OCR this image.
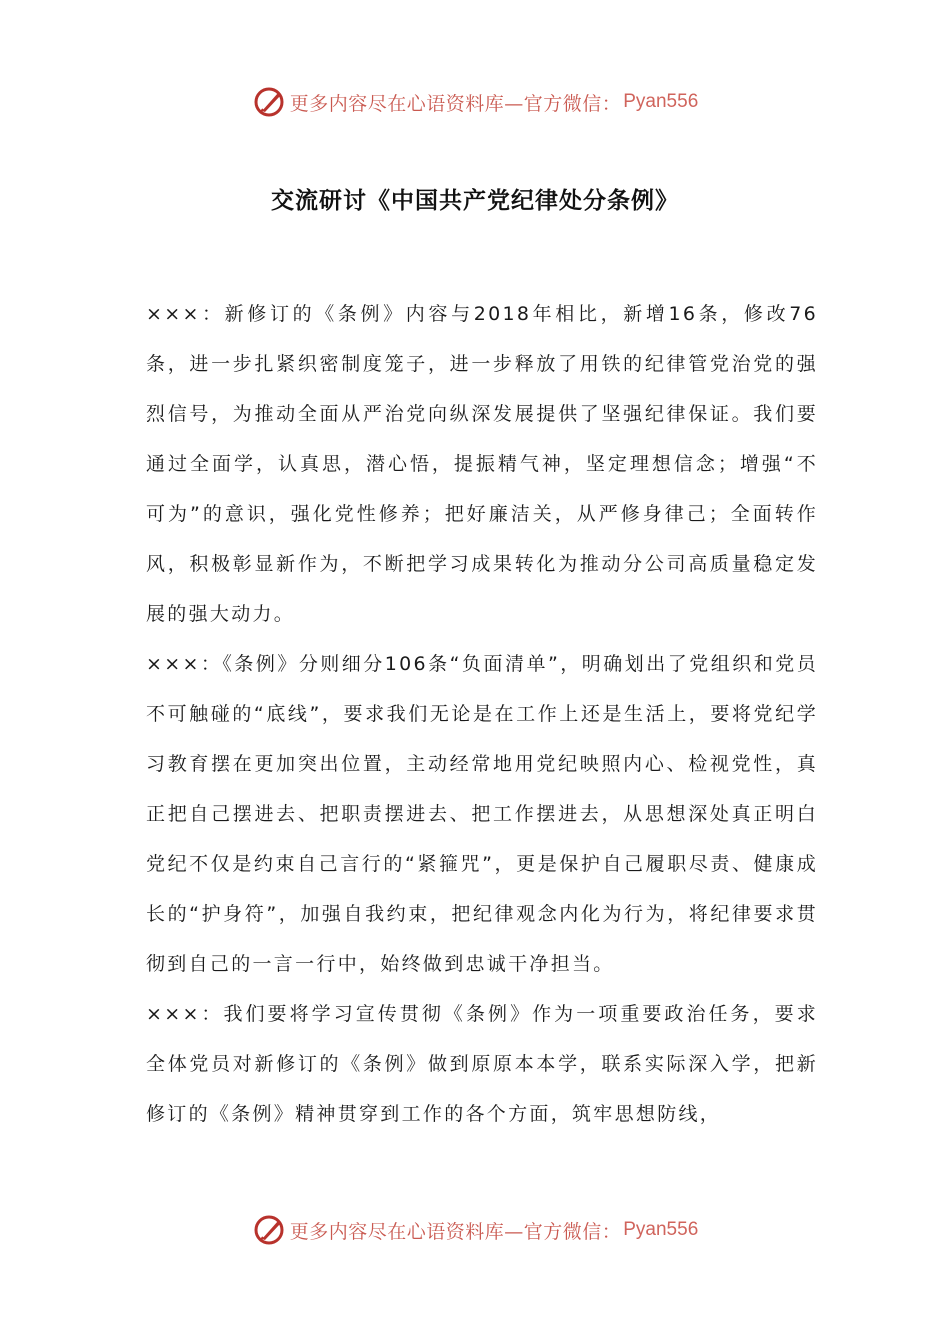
更多内容尽在心语资料库—官方微信： Pyan556
交流研讨《中国共产党纪律处分条例》

×××：新修订的《条例》内容与2018年相比，新增16条，修改76条，进一步扎紧织密制度笼子，进一步释放了用铁的纪律管党治党的强烈信号，为推动全面从严治党向纵深发展提供了坚强纪律保证。我们要通过全面学，认真思，潜心悟，提振精气神，坚定理想信念；增强“不可为”的意识，强化党性修养；把好廉洁关，从严修身律己；全面转作风，积极彰显新作为，不断把学习成果转化为推动分公司高质量稳定发展的强大动力。

×××：《条例》分则细分106条“负面清单”，明确划出了党组织和党员不可触碰的“底线”，要求我们无论是在工作上还是生活上，要将党纪学习教育摆在更加突出位置，主动经常地用党纪映照内心、检视党性，真正把自己摆进去、把职责摆进去、把工作摆进去，从思想深处真正明白党纪不仅是约束自己言行的“紧箍咒”，更是保护自己履职尽责、健康成长的“护身符”，加强自我约束，把纪律观念内化为行为，将纪律要求贯彻到自己的一言一行中，始终做到忠诚干净担当。

×××：我们要将学习宣传贯彻《条例》作为一项重要政治任务，要求全体党员对新修订的《条例》做到原原本本学，联系实际深入学，把新修订的《条例》精神贯穿到工作的各个方面，筑牢思想防线，

更多内容尽在心语资料库—官方微信： Pyan556
